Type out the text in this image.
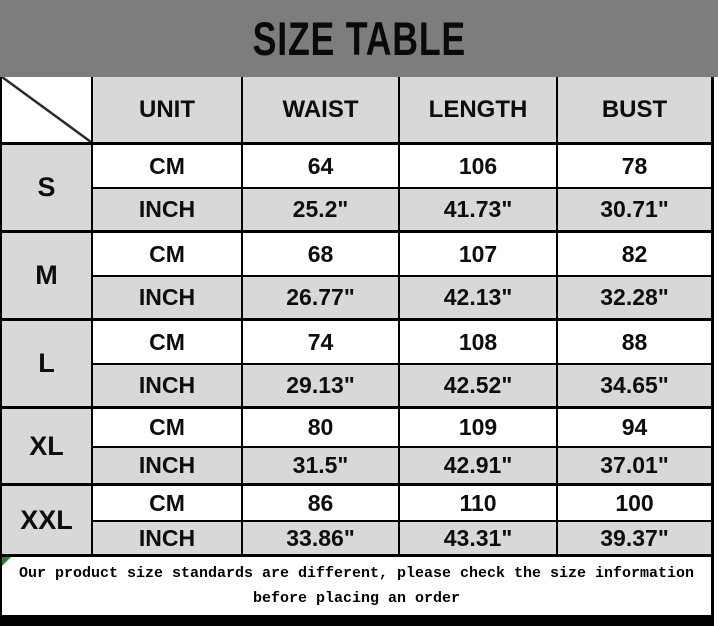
SIZE TABLE
UNIT	WAIST	LENGTH	BUST
S
CM	64	106	78
INCH	25.2"	41.73"	30.71"
M
CM	68	107	82
INCH	26.77"	42.13"	32.28"
L
CM	74	108	88
INCH	29.13"	42.52"	34.65"
XL
CM	80	109	94
INCH	31.5"	42.91"	37.01"
XXL
CM	86	110	100
INCH	33.86"	43.31"	39.37"
Our product size standards are different, please check the size information
before placing an order
